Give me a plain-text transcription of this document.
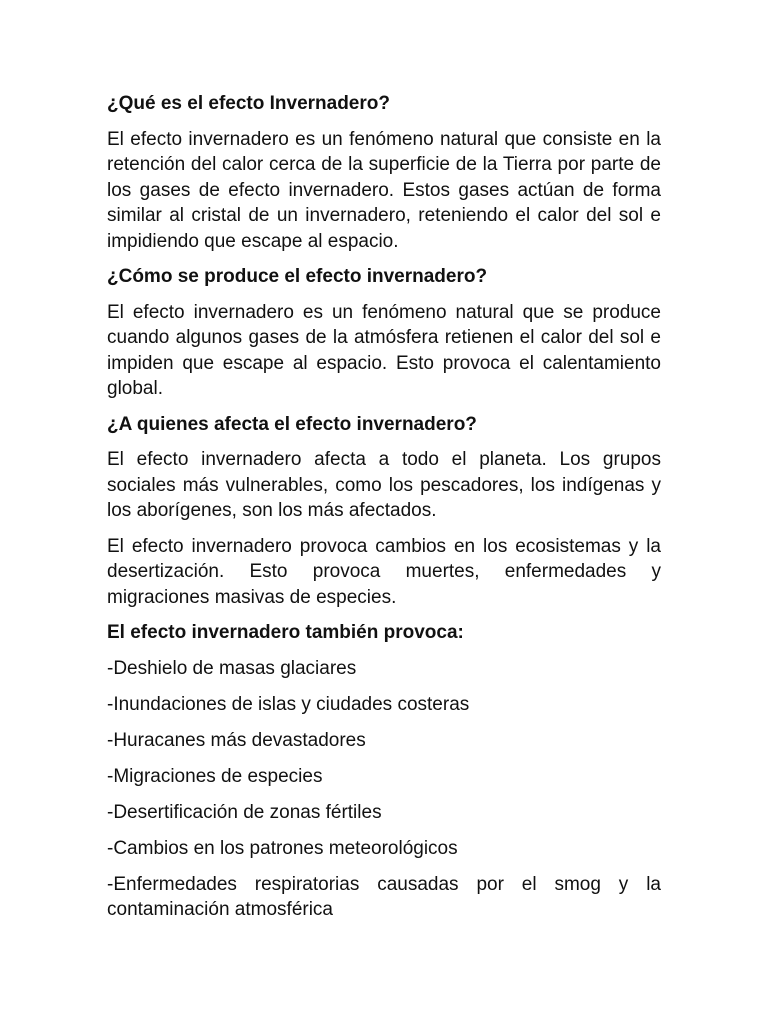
¿Qué es el efecto Invernadero?
El efecto invernadero es un fenómeno natural que consiste en la retención del calor cerca de la superficie de la Tierra por parte de los gases de efecto invernadero. Estos gases actúan de forma similar al cristal de un invernadero, reteniendo el calor del sol e impidiendo que escape al espacio.
¿Cómo se produce el efecto invernadero?
El efecto invernadero es un fenómeno natural que se produce cuando algunos gases de la atmósfera retienen el calor del sol e impiden que escape al espacio. Esto provoca el calentamiento global.
¿A quienes afecta el efecto invernadero?
El efecto invernadero afecta a todo el planeta. Los grupos sociales más vulnerables, como los pescadores, los indígenas y los aborígenes, son los más afectados.
El efecto invernadero provoca cambios en los ecosistemas y la desertización. Esto provoca muertes, enfermedades y migraciones masivas de especies.
El efecto invernadero también provoca:
-Deshielo de masas glaciares
-Inundaciones de islas y ciudades costeras
-Huracanes más devastadores
-Migraciones de especies
-Desertificación de zonas fértiles
-Cambios en los patrones meteorológicos
-Enfermedades respiratorias causadas por el smog y la contaminación atmosférica
